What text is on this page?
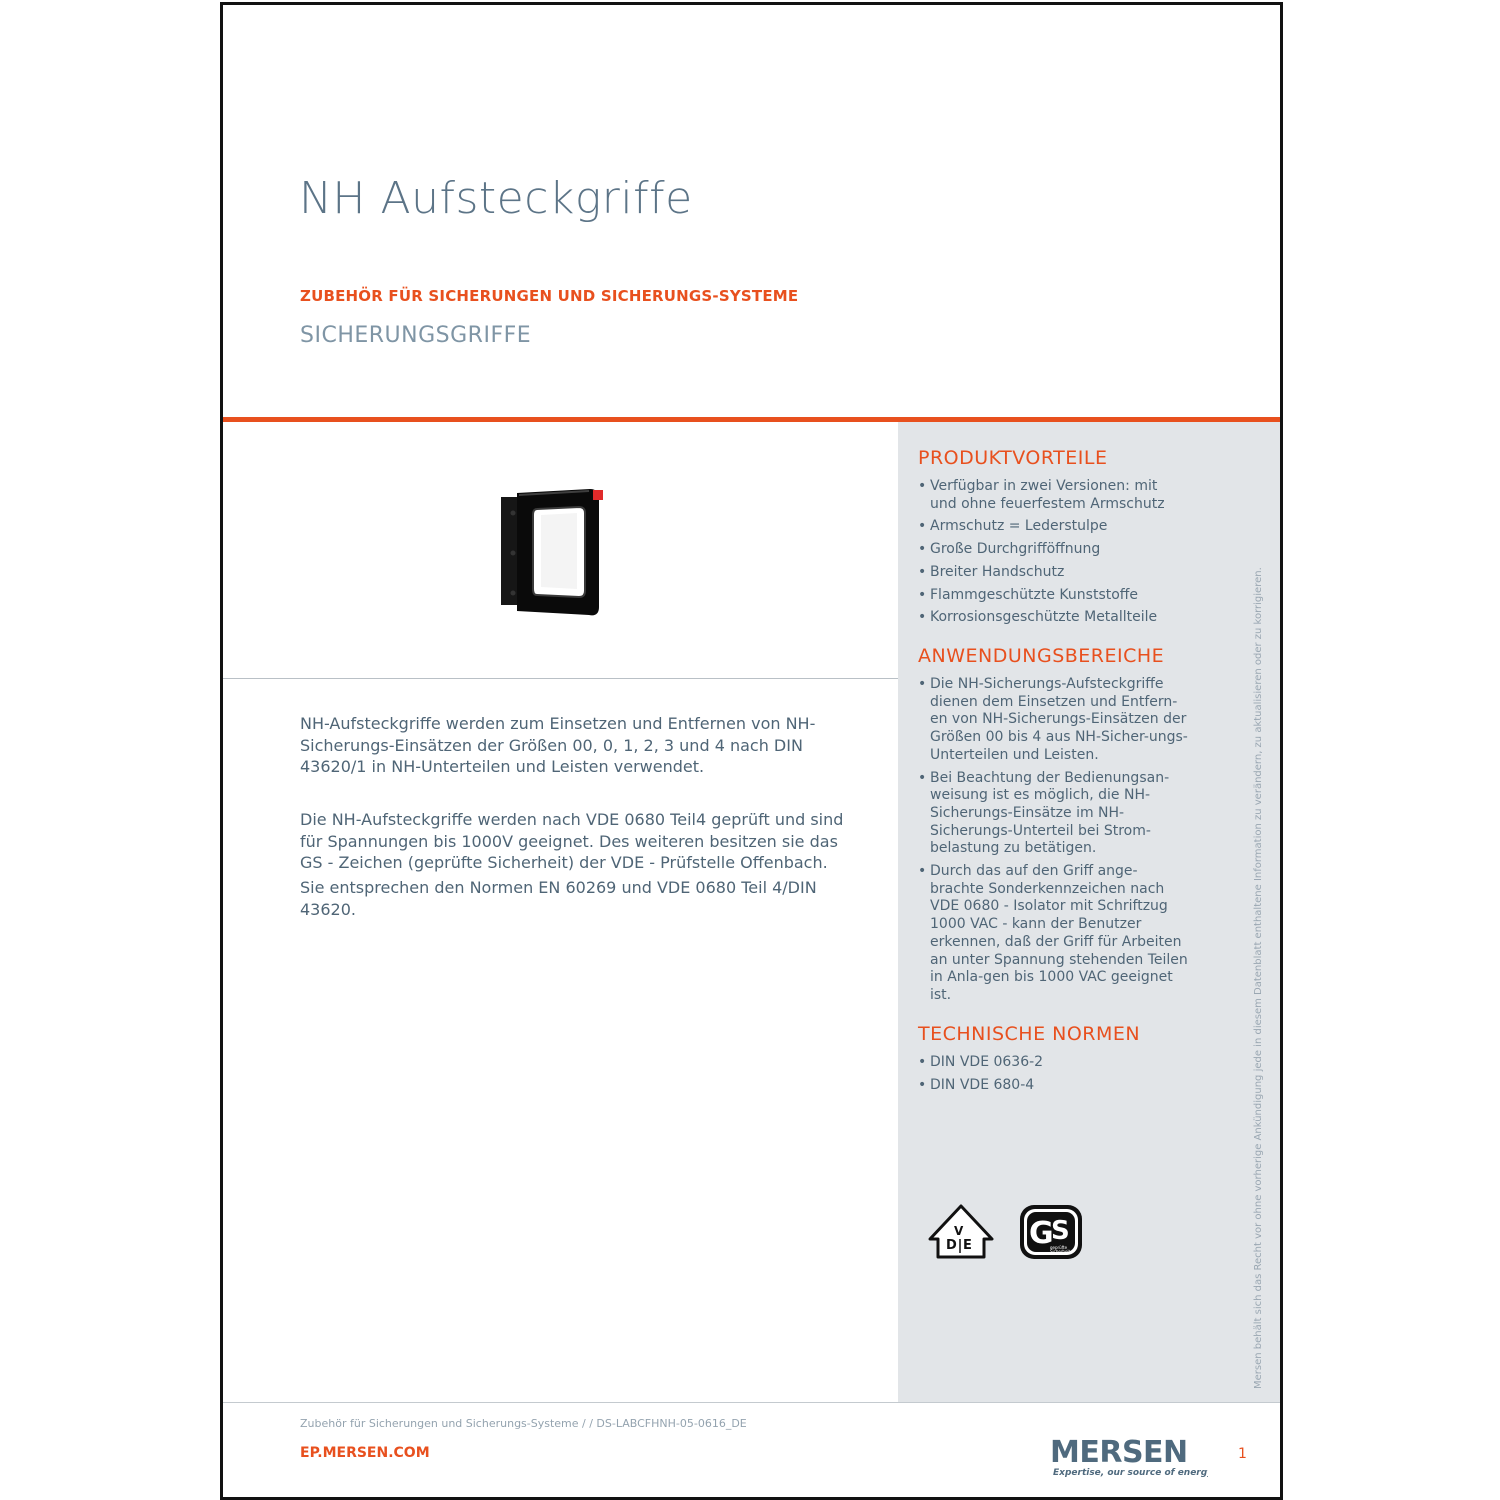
NH Aufsteckgriffe
ZUBEHÖR FÜR SICHERUNGEN UND SICHERUNGS-SYSTEME
SICHERUNGSGRIFFE

NH-Aufsteckgriffe werden zum Einsetzen und Entfernen von NH-Sicherungs-Einsätzen der Größen 00, 0, 1, 2, 3 und 4 nach DIN 43620/1 in NH-Unterteilen und Leisten verwendet.

Die NH-Aufsteckgriffe werden nach VDE 0680 Teil4 geprüft und sind für Spannungen bis 1000V geeignet. Des weiteren besitzen sie das GS - Zeichen (geprüfte Sicherheit) der VDE - Prüfstelle Offenbach.

Sie entsprechen den Normen EN 60269 und VDE 0680 Teil 4/DIN 43620.

PRODUKTVORTEILE
• Verfügbar in zwei Versionen: mit und ohne feuerfestem Armschutz
• Armschutz = Lederstulpe
• Große Durchgrifföffnung
• Breiter Handschutz
• Flammgeschützte Kunststoffe
• Korrosionsgeschützte Metallteile
ANWENDUNGSBEREICHE
• Die NH-Sicherungs-Aufsteckgriffe dienen dem Einsetzen und Entfern-en von NH-Sicherungs-Einsätzen der Größen 00 bis 4 aus NH-Sicher-ungs-Unterteilen und Leisten.
• Bei Beachtung der Bedienungsan-weisung ist es möglich, die NH-Sicherungs-Einsätze im NH-Sicherungs-Unterteil bei Strom-belastung zu betätigen.
• Durch das auf den Griff ange-brachte Sonderkennzeichen nach VDE 0680 - Isolator mit Schriftzug 1000 VAC - kann der Benutzer erkennen, daß der Griff für Arbeiten an unter Spannung stehenden Teilen in Anla-gen bis 1000 VAC geeignet ist.
TECHNISCHE NORMEN
• DIN VDE 0636-2
• DIN VDE 680-4
V
D E G
S
geprüfte
Sicherheit	Mersen behält sich das Recht vor ohne vorherige Ankündigung jede in diesem Datenblatt enthaltene Information zu verändern, zu aktualisieren oder zu korrigieren.
Zubehör für Sicherungen und Sicherungs-Systeme / / DS-LABCFHNH-05-0616_DE
EP.MERSEN.COM	MERSEN
Expertise, our source of energy
1
